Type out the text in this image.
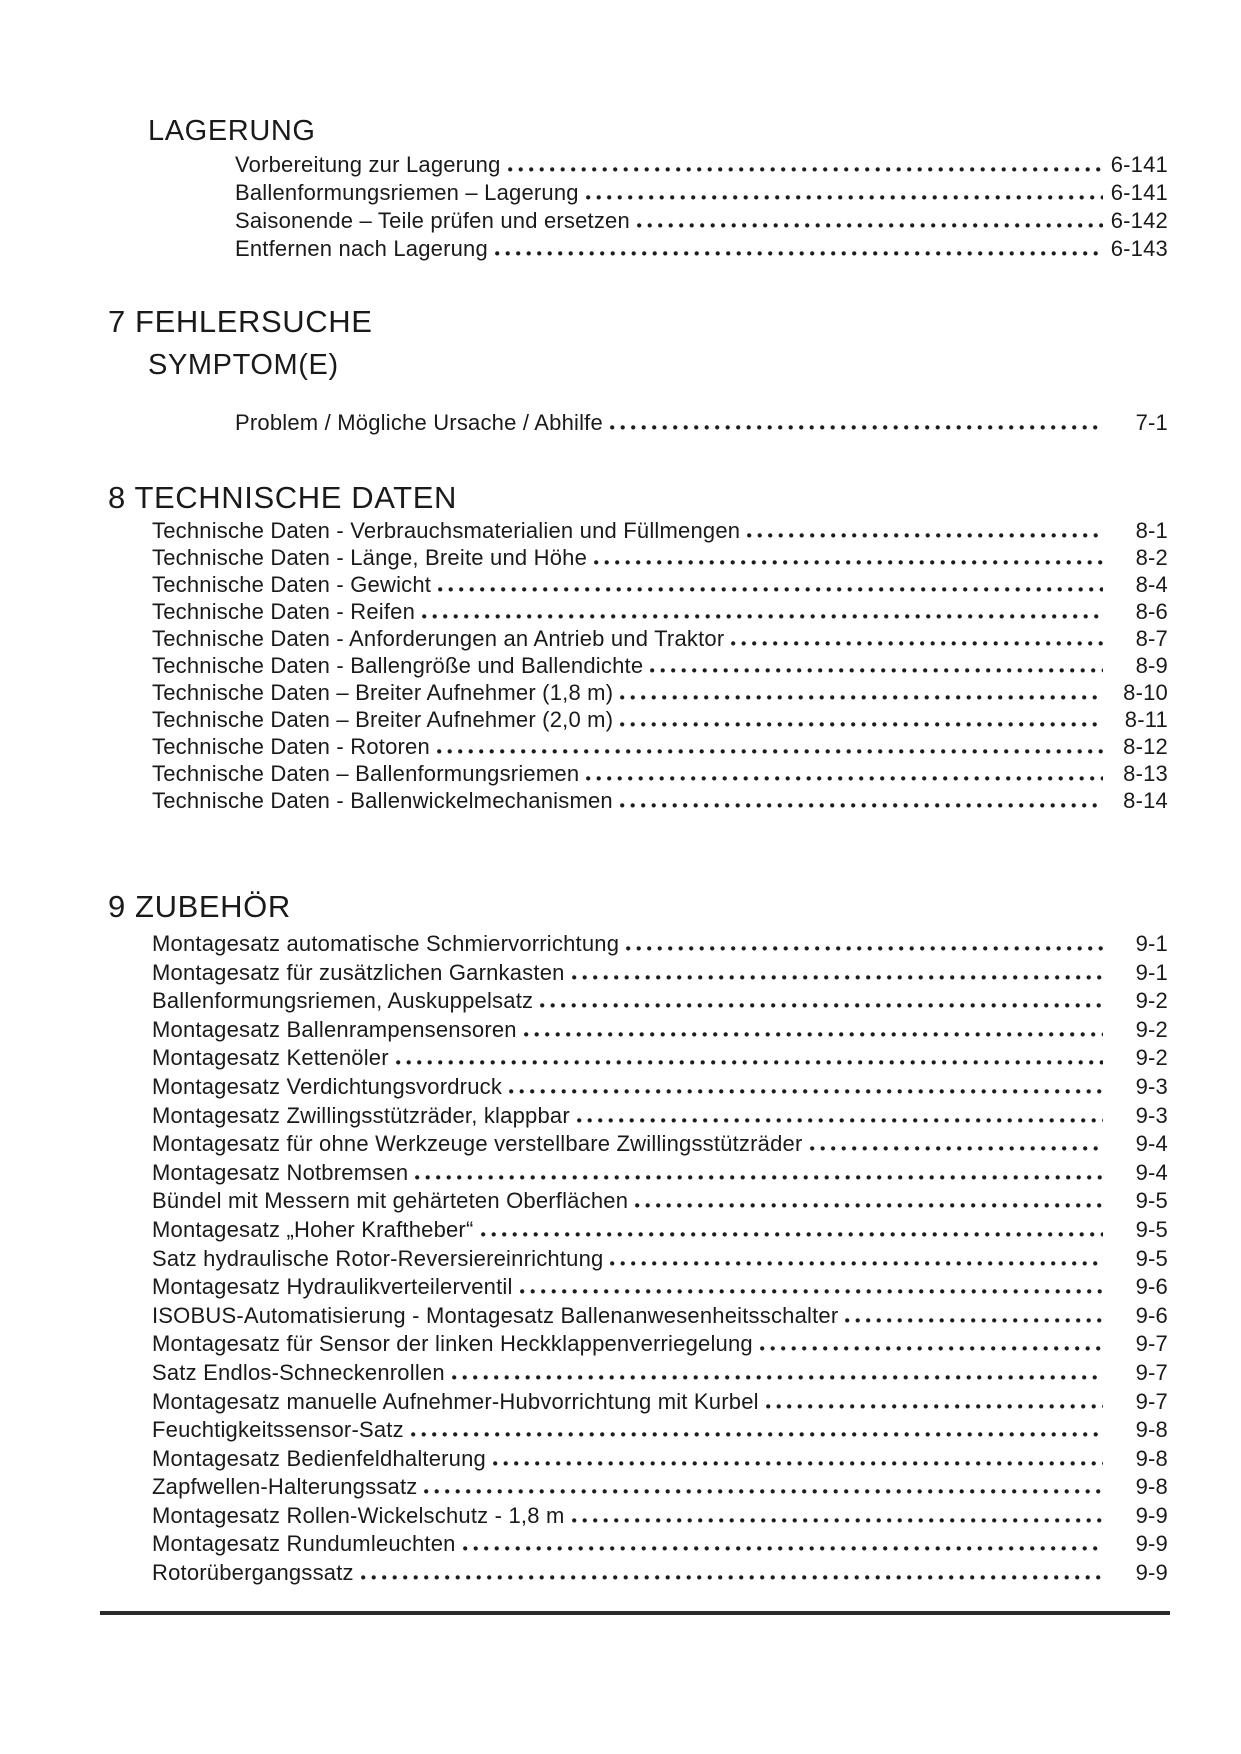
LAGERUNG
Vorbereitung zur Lagerung	6-141
Ballenformungsriemen – Lagerung	6-141
Saisonende – Teile prüfen und ersetzen	6-142
Entfernen nach Lagerung	6-143
7 FEHLERSUCHE
SYMPTOM(E)
Problem / Mögliche Ursache / Abhilfe	7-1
8 TECHNISCHE DATEN
Technische Daten - Verbrauchsmaterialien und Füllmengen	8-1
Technische Daten - Länge, Breite und Höhe	8-2
Technische Daten - Gewicht	8-4
Technische Daten - Reifen	8-6
Technische Daten - Anforderungen an Antrieb und Traktor	8-7
Technische Daten - Ballengröße und Ballendichte	8-9
Technische Daten – Breiter Aufnehmer (1,8 m)	8-10
Technische Daten – Breiter Aufnehmer (2,0 m)	8-11
Technische Daten - Rotoren	8-12
Technische Daten – Ballenformungsriemen	8-13
Technische Daten - Ballenwickelmechanismen	8-14
9 ZUBEHÖR
Montagesatz automatische Schmiervorrichtung	9-1
Montagesatz für zusätzlichen Garnkasten	9-1
Ballenformungsriemen, Auskuppelsatz	9-2
Montagesatz Ballenrampensensoren	9-2
Montagesatz Kettenöler	9-2
Montagesatz Verdichtungsvordruck	9-3
Montagesatz Zwillingsstützräder, klappbar	9-3
Montagesatz für ohne Werkzeuge verstellbare Zwillingsstützräder	9-4
Montagesatz Notbremsen	9-4
Bündel mit Messern mit gehärteten Oberflächen	9-5
Montagesatz „Hoher Kraftheber“	9-5
Satz hydraulische Rotor-Reversiereinrichtung	9-5
Montagesatz Hydraulikverteilerventil	9-6
ISOBUS-Automatisierung - Montagesatz Ballenanwesenheitsschalter	9-6
Montagesatz für Sensor der linken Heckklappenverriegelung	9-7
Satz Endlos-Schneckenrollen	9-7
Montagesatz manuelle Aufnehmer-Hubvorrichtung mit Kurbel	9-7
Feuchtigkeitssensor-Satz	9-8
Montagesatz Bedienfeldhalterung	9-8
Zapfwellen-Halterungssatz	9-8
Montagesatz Rollen-Wickelschutz - 1,8 m	9-9
Montagesatz Rundumleuchten	9-9
Rotorübergangssatz	9-9
